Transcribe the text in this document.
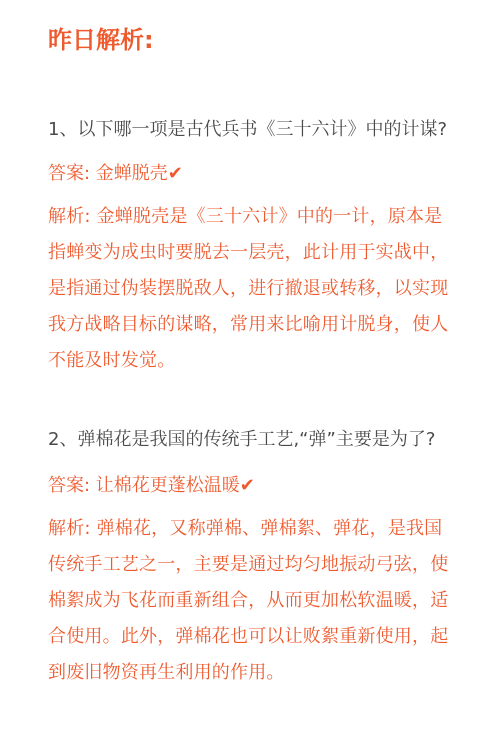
昨日解析:
1、以下哪一项是古代兵书《三十六计》中的计谋?
答案: 金蝉脱壳✔
解析: 金蝉脱壳是《三十六计》中的一计，原本是指蝉变为成虫时要脱去一层壳，此计用于实战中，是指通过伪装摆脱敌人，进行撤退或转移，以实现我方战略目标的谋略，常用来比喻用计脱身，使人不能及时发觉。
2、弹棉花是我国的传统手工艺,“弹”主要是为了?
答案: 让棉花更蓬松温暖✔
解析: 弹棉花，又称弹棉、弹棉絮、弹花，是我国传统手工艺之一，主要是通过均匀地振动弓弦，使棉絮成为飞花而重新组合，从而更加松软温暖，适合使用。此外，弹棉花也可以让败絮重新使用，起到废旧物资再生利用的作用。
